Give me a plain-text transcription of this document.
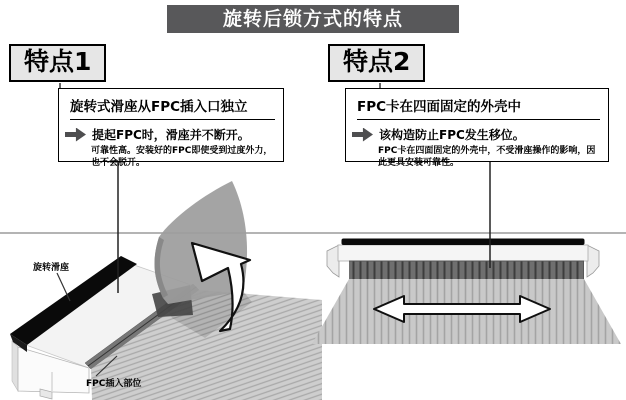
旋转后锁方式的特点
特点1	特点2
旋转式滑座从FPC插入口独立
提起FPC时，滑座并不断开。
可靠性高。安装好的FPC即使受到过度外力，也不会脱开。
FPC卡在四面固定的外壳中
该构造防止FPC发生移位。
FPC卡在四面固定的外壳中，不受滑座操作的影响，因此更具安装可靠性。
旋转滑座
FPC插入部位
